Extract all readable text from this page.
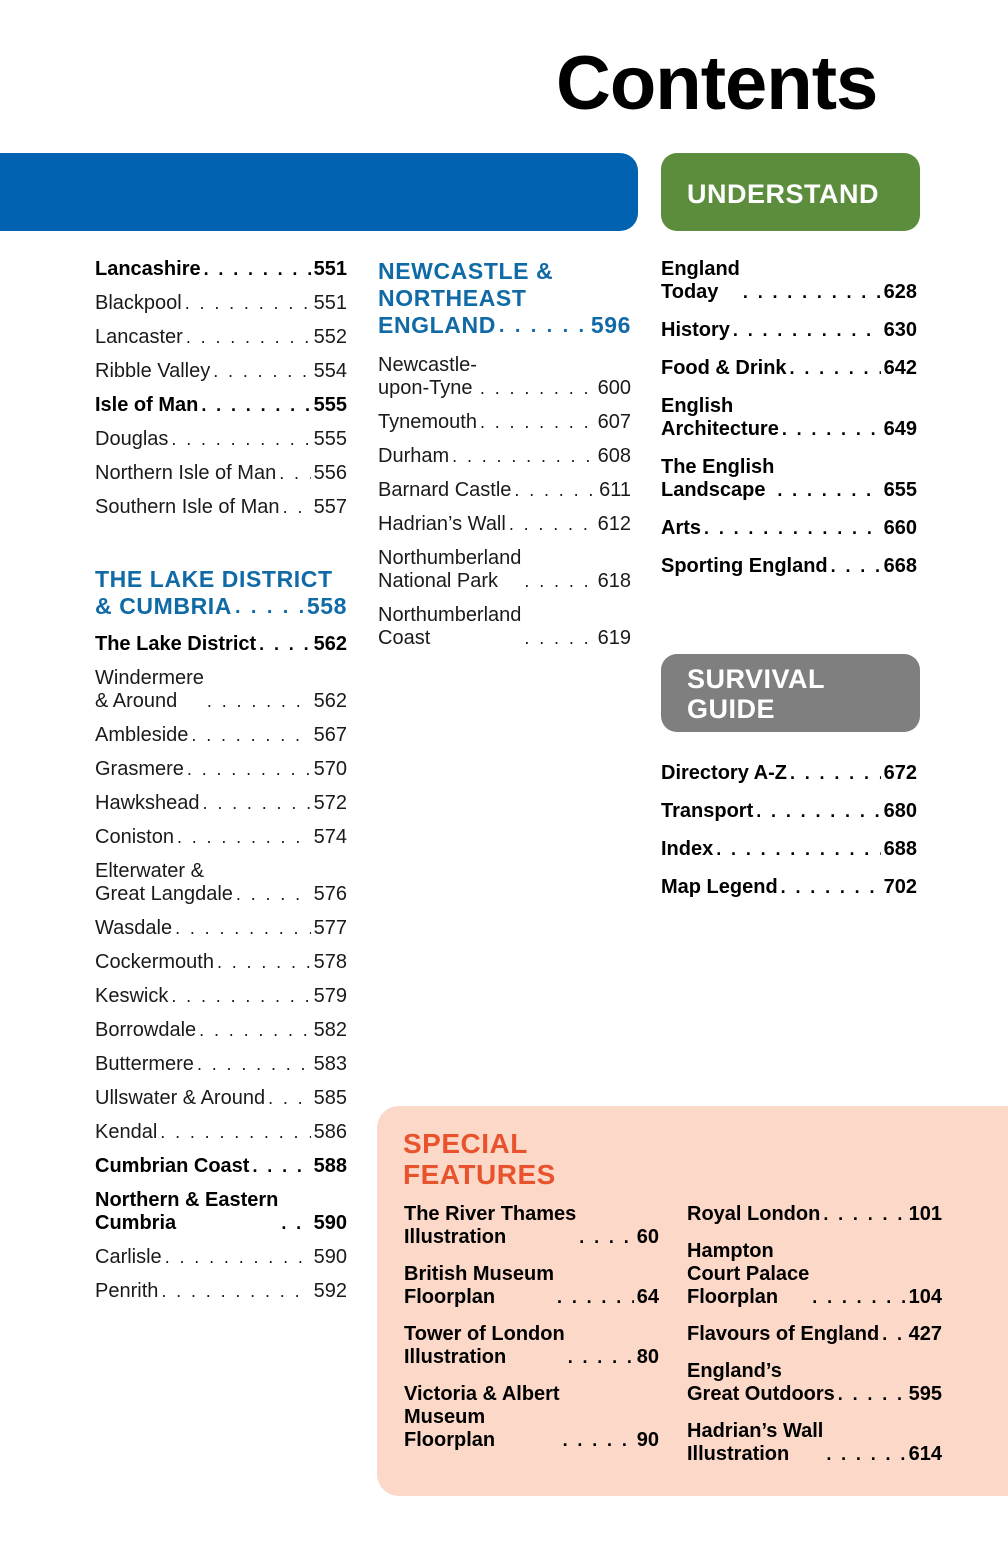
Contents
UNDERSTAND
SURVIVAL
GUIDE
Lancashire . . .	551
Blackpool . . .	551
Lancaster . . .	552
Ribble Valley . . .	554
Isle of Man . . .	555
Douglas . . .	555
Northern Isle of Man . . . 556
Southern Isle of Man . . . 557
THE LAKE DISTRICT
& CUMBRIA . . .	558
The Lake District . . .	562
Windermere
& Around . . .	562
Ambleside . . .	567
Grasmere . . .	570
Hawkshead . . .	572
Coniston . . .	574
Elterwater &
Great Langdale . . .	576
Wasdale . . .	577
Cockermouth . . .	578
Keswick . . .	579
Borrowdale . . .	582
Buttermere . . .	583
Ullswater & Around . . . 585
Kendal . . .	586
Cumbrian Coast . . .	588
Northern & Eastern
Cumbria . . .	590
Carlisle . . .	590
Penrith . . .	592
NEWCASTLE &
NORTHEAST
ENGLAND . . .	596
Newcastle-
upon-Tyne . . .	600
Tynemouth . . .	607
Durham . . .	608
Barnard Castle . . .	611
Hadrian’s Wall . . .	612
Northumberland
National Park . . .	618
Northumberland
Coast . . .	619
England
Today . . .	628
History . . .	630
Food & Drink . . .	642
English
Architecture . . .	649
The English
Landscape . . .	655
Arts . . .	660
Sporting England . . .	668
Directory A-Z . . .	672
Transport . . .	680
Index . . .	688
Map Legend . . .	702
SPECIAL
FEATURES
The River Thames
Illustration . . .	60
British Museum
Floorplan . . .	64
Tower of London
Illustration . . .	80
Victoria & Albert
Museum
Floorplan . . .	90
Royal London . . .	101
Hampton
Court Palace
Floorplan . . .	104
Flavours of England . . . 427
England’s
Great Outdoors . . .	595
Hadrian’s Wall
Illustration . . .	614
